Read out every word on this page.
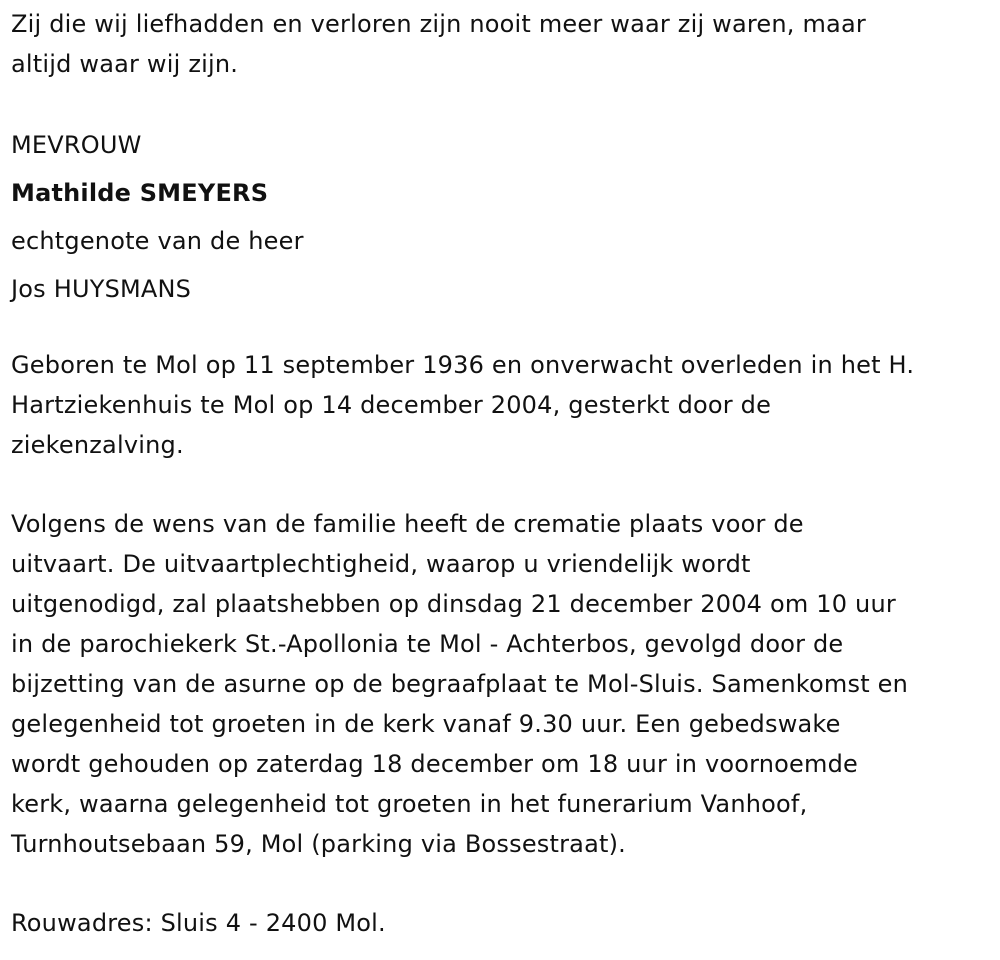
Zij die wij liefhadden en verloren zijn nooit meer waar zij waren, maar
altijd waar wij zijn.

MEVROUW
Mathilde SMEYERS
echtgenote van de heer
Jos HUYSMANS

Geboren te Mol op 11 september 1936 en onverwacht overleden in het H.
Hartziekenhuis te Mol op 14 december 2004, gesterkt door de
ziekenzalving.

Volgens de wens van de familie heeft de crematie plaats voor de
uitvaart. De uitvaartplechtigheid, waarop u vriendelijk wordt
uitgenodigd, zal plaatshebben op dinsdag 21 december 2004 om 10 uur
in de parochiekerk St.-Apollonia te Mol - Achterbos, gevolgd door de
bijzetting van de asurne op de begraafplaat te Mol-Sluis. Samenkomst en
gelegenheid tot groeten in de kerk vanaf 9.30 uur. Een gebedswake
wordt gehouden op zaterdag 18 december om 18 uur in voornoemde
kerk, waarna gelegenheid tot groeten in het funerarium Vanhoof,
Turnhoutsebaan 59, Mol (parking via Bossestraat).

Rouwadres: Sluis 4 - 2400 Mol.
